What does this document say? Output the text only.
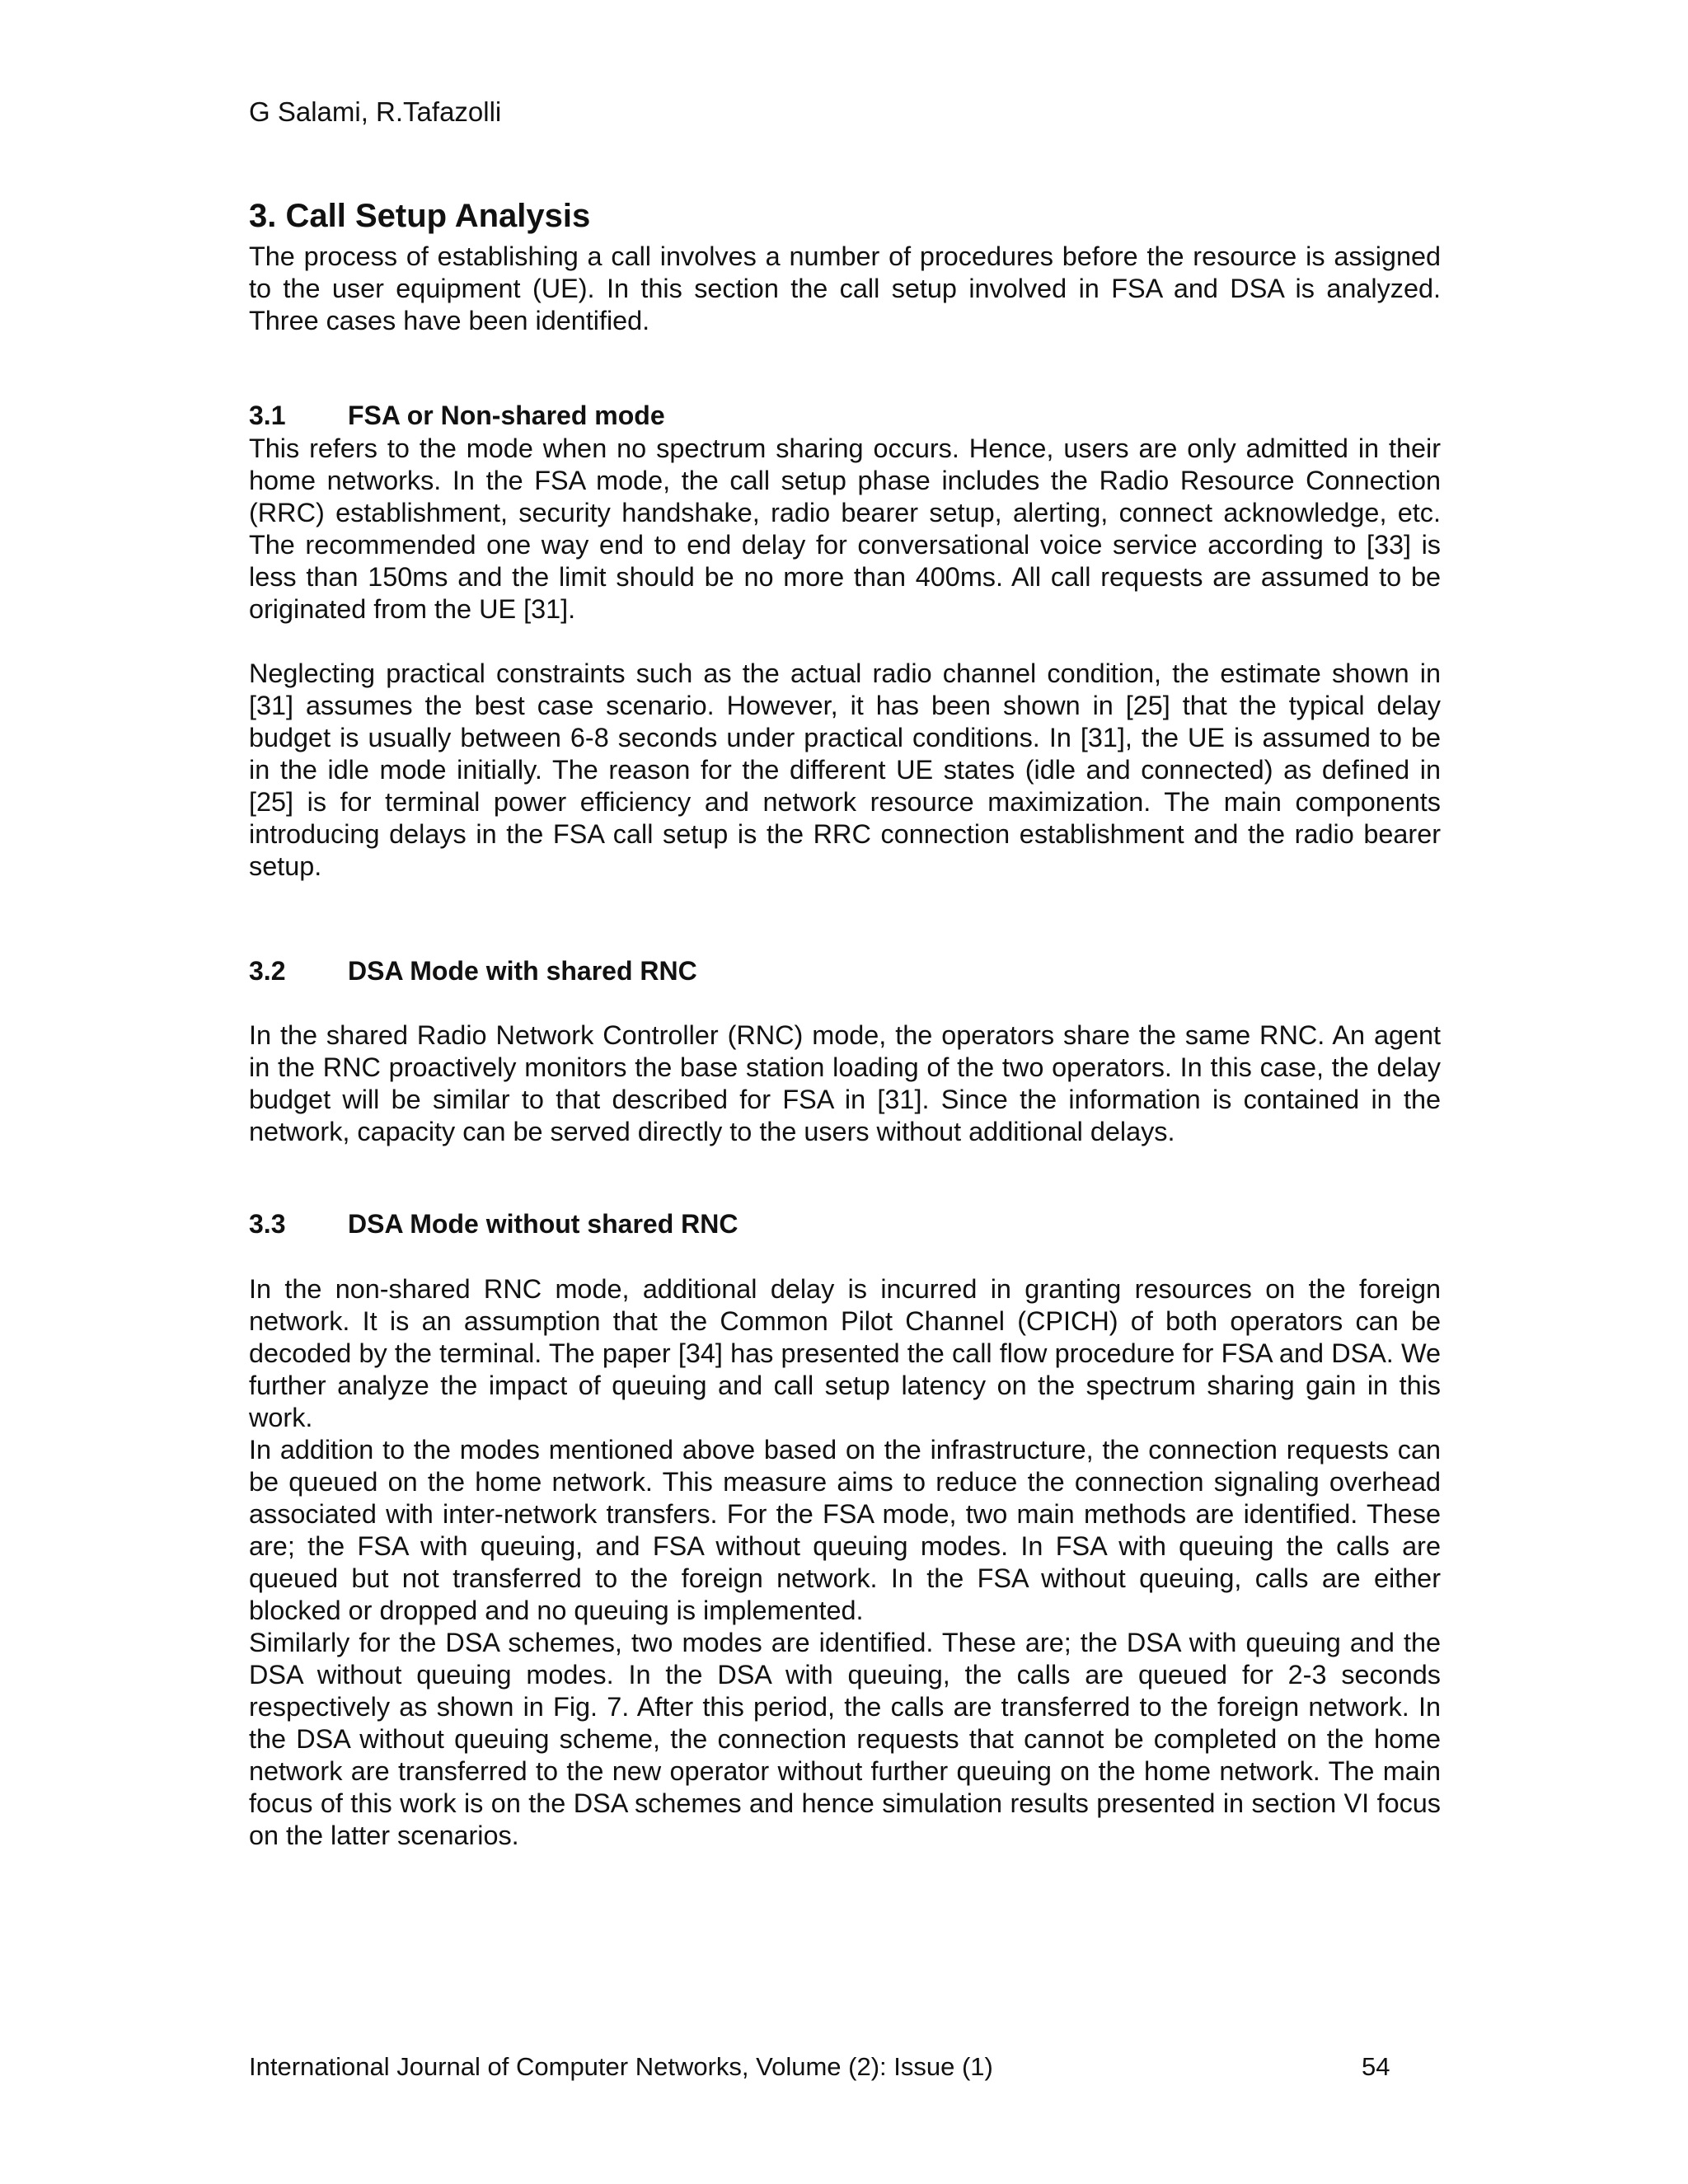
G Salami, R.Tafazolli
3. Call Setup Analysis
The process of establishing a call involves a number of procedures before the resource is assigned to the user equipment (UE). In this section the call setup involved in FSA and DSA is analyzed. Three cases have been identified.
3.1 FSA or Non-shared mode

This refers to the mode when no spectrum sharing occurs. Hence, users are only admitted in their home networks. In the FSA mode, the call setup phase includes the Radio Resource Connection (RRC) establishment, security handshake, radio bearer setup, alerting, connect acknowledge, etc. The recommended one way end to end delay for conversational voice service according to [33] is less than 150ms and the limit should be no more than 400ms. All call requests are assumed to be originated from the UE [31].

Neglecting practical constraints such as the actual radio channel condition, the estimate shown in [31] assumes the best case scenario. However, it has been shown in [25] that the typical delay budget is usually between 6-8 seconds under practical conditions. In [31], the UE is assumed to be in the idle mode initially. The reason for the different UE states (idle and connected) as defined in [25] is for terminal power efficiency and network resource maximization. The main components introducing delays in the FSA call setup is the RRC connection establishment and the radio bearer setup.

3.2 DSA Mode with shared RNC
In the shared Radio Network Controller (RNC) mode, the operators share the same RNC. An agent in the RNC proactively monitors the base station loading of the two operators. In this case, the delay budget will be similar to that described for FSA in [31]. Since the information is contained in the network, capacity can be served directly to the users without additional delays.
3.3 DSA Mode without shared RNC

In the non-shared RNC mode, additional delay is incurred in granting resources on the foreign network. It is an assumption that the Common Pilot Channel (CPICH) of both operators can be decoded by the terminal. The paper [34] has presented the call flow procedure for FSA and DSA. We further analyze the impact of queuing and call setup latency on the spectrum sharing gain in this work.

In addition to the modes mentioned above based on the infrastructure, the connection requests can be queued on the home network. This measure aims to reduce the connection signaling overhead associated with inter-network transfers. For the FSA mode, two main methods are identified. These are; the FSA with queuing, and FSA without queuing modes. In FSA with queuing the calls are queued but not transferred to the foreign network. In the FSA without queuing, calls are either blocked or dropped and no queuing is implemented.

Similarly for the DSA schemes, two modes are identified. These are; the DSA with queuing and the DSA without queuing modes. In the DSA with queuing, the calls are queued for 2-3 seconds respectively as shown in Fig. 7. After this period, the calls are transferred to the foreign network. In the DSA without queuing scheme, the connection requests that cannot be completed on the home network are transferred to the new operator without further queuing on the home network. The main focus of this work is on the DSA schemes and hence simulation results presented in section VI focus on the latter scenarios.

International Journal of Computer Networks, Volume (2): Issue (1)	54
